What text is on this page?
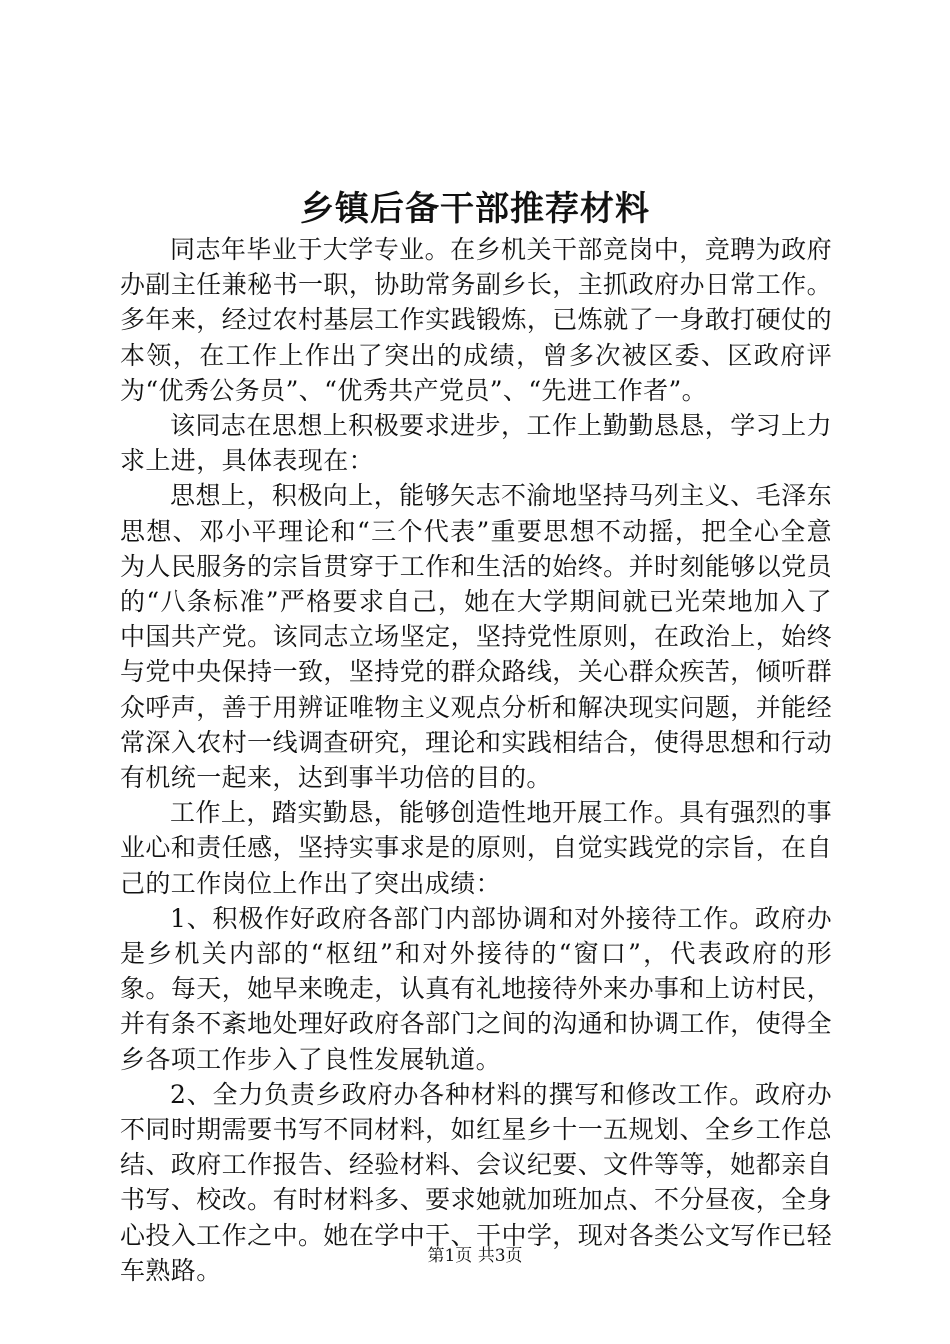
乡镇后备干部推荐材料

同志年毕业于大学专业。在乡机关干部竞岗中，竞聘为政府办副主任兼秘书一职，协助常务副乡长，主抓政府办日常工作。多年来，经过农村基层工作实践锻炼，已炼就了一身敢打硬仗的本领，在工作上作出了突出的成绩，曾多次被区委、区政府评为“优秀公务员”、“优秀共产党员”、“先进工作者”。

该同志在思想上积极要求进步，工作上勤勤恳恳，学习上力求上进，具体表现在：

思想上，积极向上，能够矢志不渝地坚持马列主义、毛泽东思想、邓小平理论和“三个代表”重要思想不动摇，把全心全意为人民服务的宗旨贯穿于工作和生活的始终。并时刻能够以党员的“八条标准”严格要求自己，她在大学期间就已光荣地加入了中国共产党。该同志立场坚定，坚持党性原则，在政治上，始终与党中央保持一致，坚持党的群众路线，关心群众疾苦，倾听群众呼声，善于用辨证唯物主义观点分析和解决现实问题，并能经常深入农村一线调查研究，理论和实践相结合，使得思想和行动有机统一起来，达到事半功倍的目的。

工作上，踏实勤恳，能够创造性地开展工作。具有强烈的事业心和责任感，坚持实事求是的原则，自觉实践党的宗旨，在自己的工作岗位上作出了突出成绩：

1、积极作好政府各部门内部协调和对外接待工作。政府办是乡机关内部的“枢纽”和对外接待的“窗口”，代表政府的形象。每天，她早来晚走，认真有礼地接待外来办事和上访村民，并有条不紊地处理好政府各部门之间的沟通和协调工作，使得全乡各项工作步入了良性发展轨道。

2、全力负责乡政府办各种材料的撰写和修改工作。政府办不同时期需要书写不同材料，如红星乡十一五规划、全乡工作总结、政府工作报告、经验材料、会议纪要、文件等等，她都亲自书写、校改。有时材料多、要求她就加班加点、不分昼夜，全身心投入工作之中。她在学中干、干中学，现对各类公文写作已轻车熟路。	第1页 共3页
